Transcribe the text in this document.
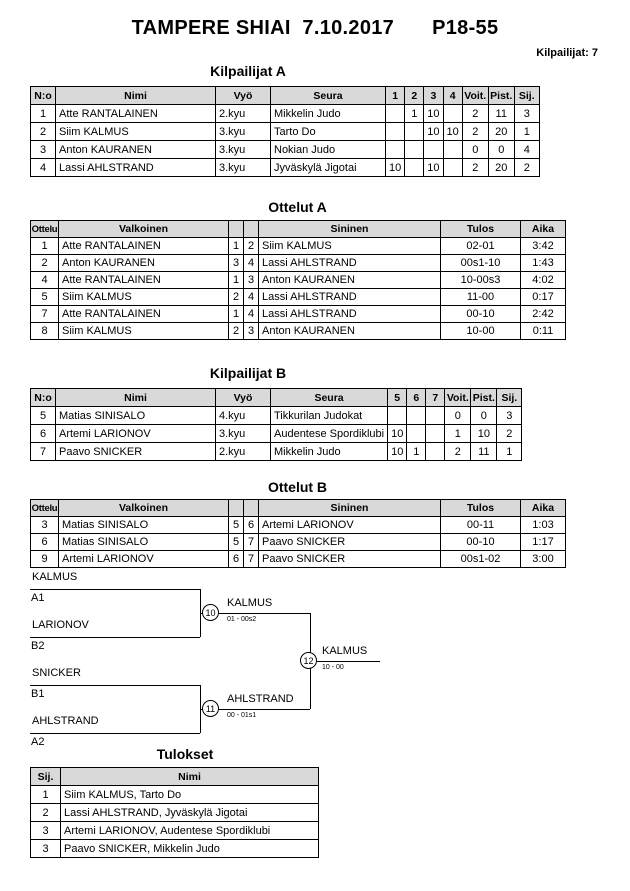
TAMPERE SHIAI  7.10.2017 P18-55
Kilpailijat: 7
Kilpailijat A
N:o	Nimi	Vyö	Seura	1	2	3	4	Voit.	Pist.	Sij.
1	Atte RANTALAINEN	2.kyu	Mikkelin Judo		1	10		2	11	3
2	Siim KALMUS	3.kyu	Tarto Do			10	10	2	20	1
3	Anton KAURANEN	3.kyu	Nokian Judo					0	0	4
4	Lassi AHLSTRAND	3.kyu	Jyväskylä Jigotai	10		10		2	20	2
Ottelut A
Ottelu	Valkoinen			Sininen	Tulos	Aika
1	Atte RANTALAINEN	1	2	Siim KALMUS	02-01	3:42
2	Anton KAURANEN	3	4	Lassi AHLSTRAND	00s1-10	1:43
4	Atte RANTALAINEN	1	3	Anton KAURANEN	10-00s3	4:02
5	Siim KALMUS	2	4	Lassi AHLSTRAND	11-00	0:17
7	Atte RANTALAINEN	1	4	Lassi AHLSTRAND	00-10	2:42
8	Siim KALMUS	2	3	Anton KAURANEN	10-00	0:11
Kilpailijat B
N:o	Nimi	Vyö	Seura	5	6	7	Voit.	Pist.	Sij.
5	Matias SINISALO	4.kyu	Tikkurilan Judokat				0	0	3
6	Artemi LARIONOV	3.kyu	Audentese Spordiklubi	10			1	10	2
7	Paavo SNICKER	2.kyu	Mikkelin Judo	10	1		2	11	1
Ottelut B
Ottelu	Valkoinen			Sininen	Tulos	Aika
3	Matias SINISALO	5	6	Artemi LARIONOV	00-11	1:03
6	Matias SINISALO	5	7	Paavo SNICKER	00-10	1:17
9	Artemi LARIONOV	6	7	Paavo SNICKER	00s1-02	3:00
KALMUS
A1
LARIONOV
B2
10
KALMUS
01 - 00s2
12
KALMUS
10 - 00
SNICKER
B1
AHLSTRAND
A2
11
AHLSTRAND
00 - 01s1
Tulokset
Sij.	Nimi
1	Siim KALMUS, Tarto Do
2	Lassi AHLSTRAND, Jyväskylä Jigotai
3	Artemi LARIONOV, Audentese Spordiklubi
3	Paavo SNICKER, Mikkelin Judo
